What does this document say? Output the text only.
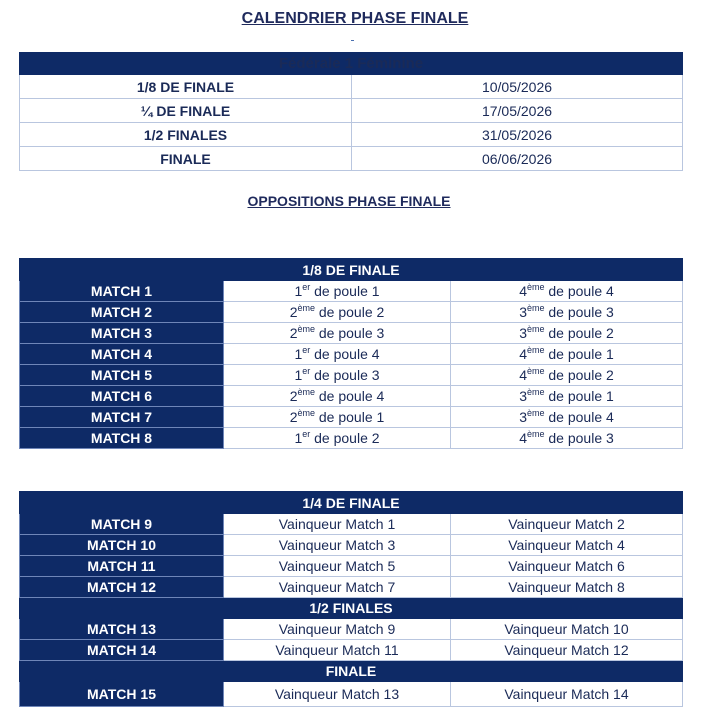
CALENDRIER PHASE FINALE
Fédérale 1 Féminine	
1/8 DE FINALE	10/05/2026
¼ DE FINALE	17/05/2026
1/2 FINALES	31/05/2026
FINALE	06/06/2026
OPPOSITIONS PHASE FINALE
1/8 DE FINALE		
MATCH 1	1er de poule 1	4ème de poule 4
MATCH 2	2ème de poule 2	3ème de poule 3
MATCH 3	2ème de poule 3	3ème de poule 2
MATCH 4	1er de poule 4	4ème de poule 1
MATCH 5	1er de poule 3	4ème de poule 2
MATCH 6	2ème de poule 4	3ème de poule 1
MATCH 7	2ème de poule 1	3ème de poule 4
MATCH 8	1er de poule 2	4ème de poule 3
1/4 DE FINALE		
MATCH 9	Vainqueur Match 1	Vainqueur Match 2
MATCH 10	Vainqueur Match 3	Vainqueur Match 4
MATCH 11	Vainqueur Match 5	Vainqueur Match 6
MATCH 12	Vainqueur Match 7	Vainqueur Match 8
1/2 FINALES		
MATCH 13	Vainqueur Match 9	Vainqueur Match 10
MATCH 14	Vainqueur Match 11	Vainqueur Match 12
FINALE		
MATCH 15	Vainqueur Match 13	Vainqueur Match 14
